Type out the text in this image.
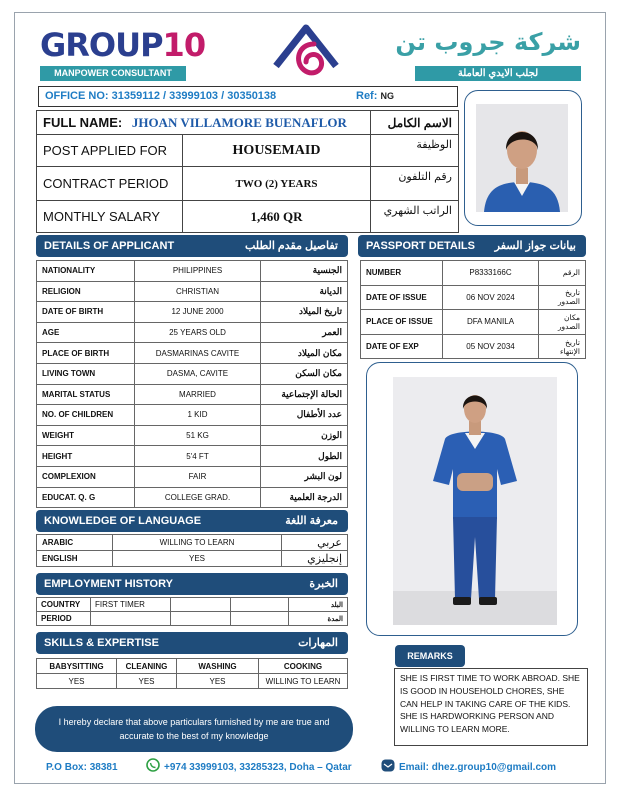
GROUP10
MANPOWER CONSULTANT
شركة جروب تن
لجلب الايدي العاملة
OFFICE NO: 31359112 / 33999103 / 30350138	Ref: NG
FULL NAME: JHOAN VILLAMORE BUENAFLOR		الاسم الكامل
POST APPLIED FOR	HOUSEMAID	الوظيفة
CONTRACT PERIOD	TWO (2) YEARS	رقم التلفون
MONTHLY SALARY	1,460 QR	الراتب الشهري
DETAILS OF APPLICANT	تفاصيل مقدم الطلب
NATIONALITY	PHILIPPINES	الجنسية
RELIGION	CHRISTIAN	الديانة
DATE OF BIRTH	12 JUNE 2000	تاريخ الميلاد
AGE	25 YEARS OLD	العمر
PLACE OF BIRTH	DASMARINAS CAVITE	مكان الميلاد
LIVING TOWN	DASMA, CAVITE	مكان السكن
MARITAL STATUS	MARRIED	الحالة الإجتماعية
NO. OF CHILDREN	1 KID	عدد الأطفال
WEIGHT	51 KG	الوزن
HEIGHT	5'4 FT	الطول
COMPLEXION	FAIR	لون البشر
EDUCAT. Q. G	COLLEGE GRAD.	الدرجة العلمية
PASSPORT DETAILS بيانات جواز السفر
NUMBER	P8333166C	الرقم
DATE OF ISSUE	06 NOV 2024	تاريخ الصدور
PLACE OF ISSUE	DFA MANILA	مكان الصدور
DATE OF EXP	05 NOV 2034	تاريخ الإنتهاء
KNOWLEDGE OF LANGUAGE	معرفة اللغة
ARABIC	WILLING TO LEARN	عربي
ENGLISH	YES	إنجليزي
EMPLOYMENT HISTORY	الخبرة
COUNTRY	FIRST TIMER			البلد
PERIOD				المدة
SKILLS & EXPERTISE	المهارات
BABYSITTING	CLEANING	WASHING	COOKING
YES	YES	YES	WILLING TO LEARN
REMARKS
SHE IS FIRST TIME TO WORK ABROAD. SHE IS GOOD IN HOUSEHOLD CHORES, SHE CAN HELP IN TAKING CARE OF THE KIDS. SHE IS HARDWORKING PERSON AND WILLING TO LEARN MORE.
I hereby declare that above particulars furnished by me are true and accurate to the best of my knowledge
P.O Box: 38381	+974 33999103, 33285323, Doha – Qatar	Email: dhez.group10@gmail.com
